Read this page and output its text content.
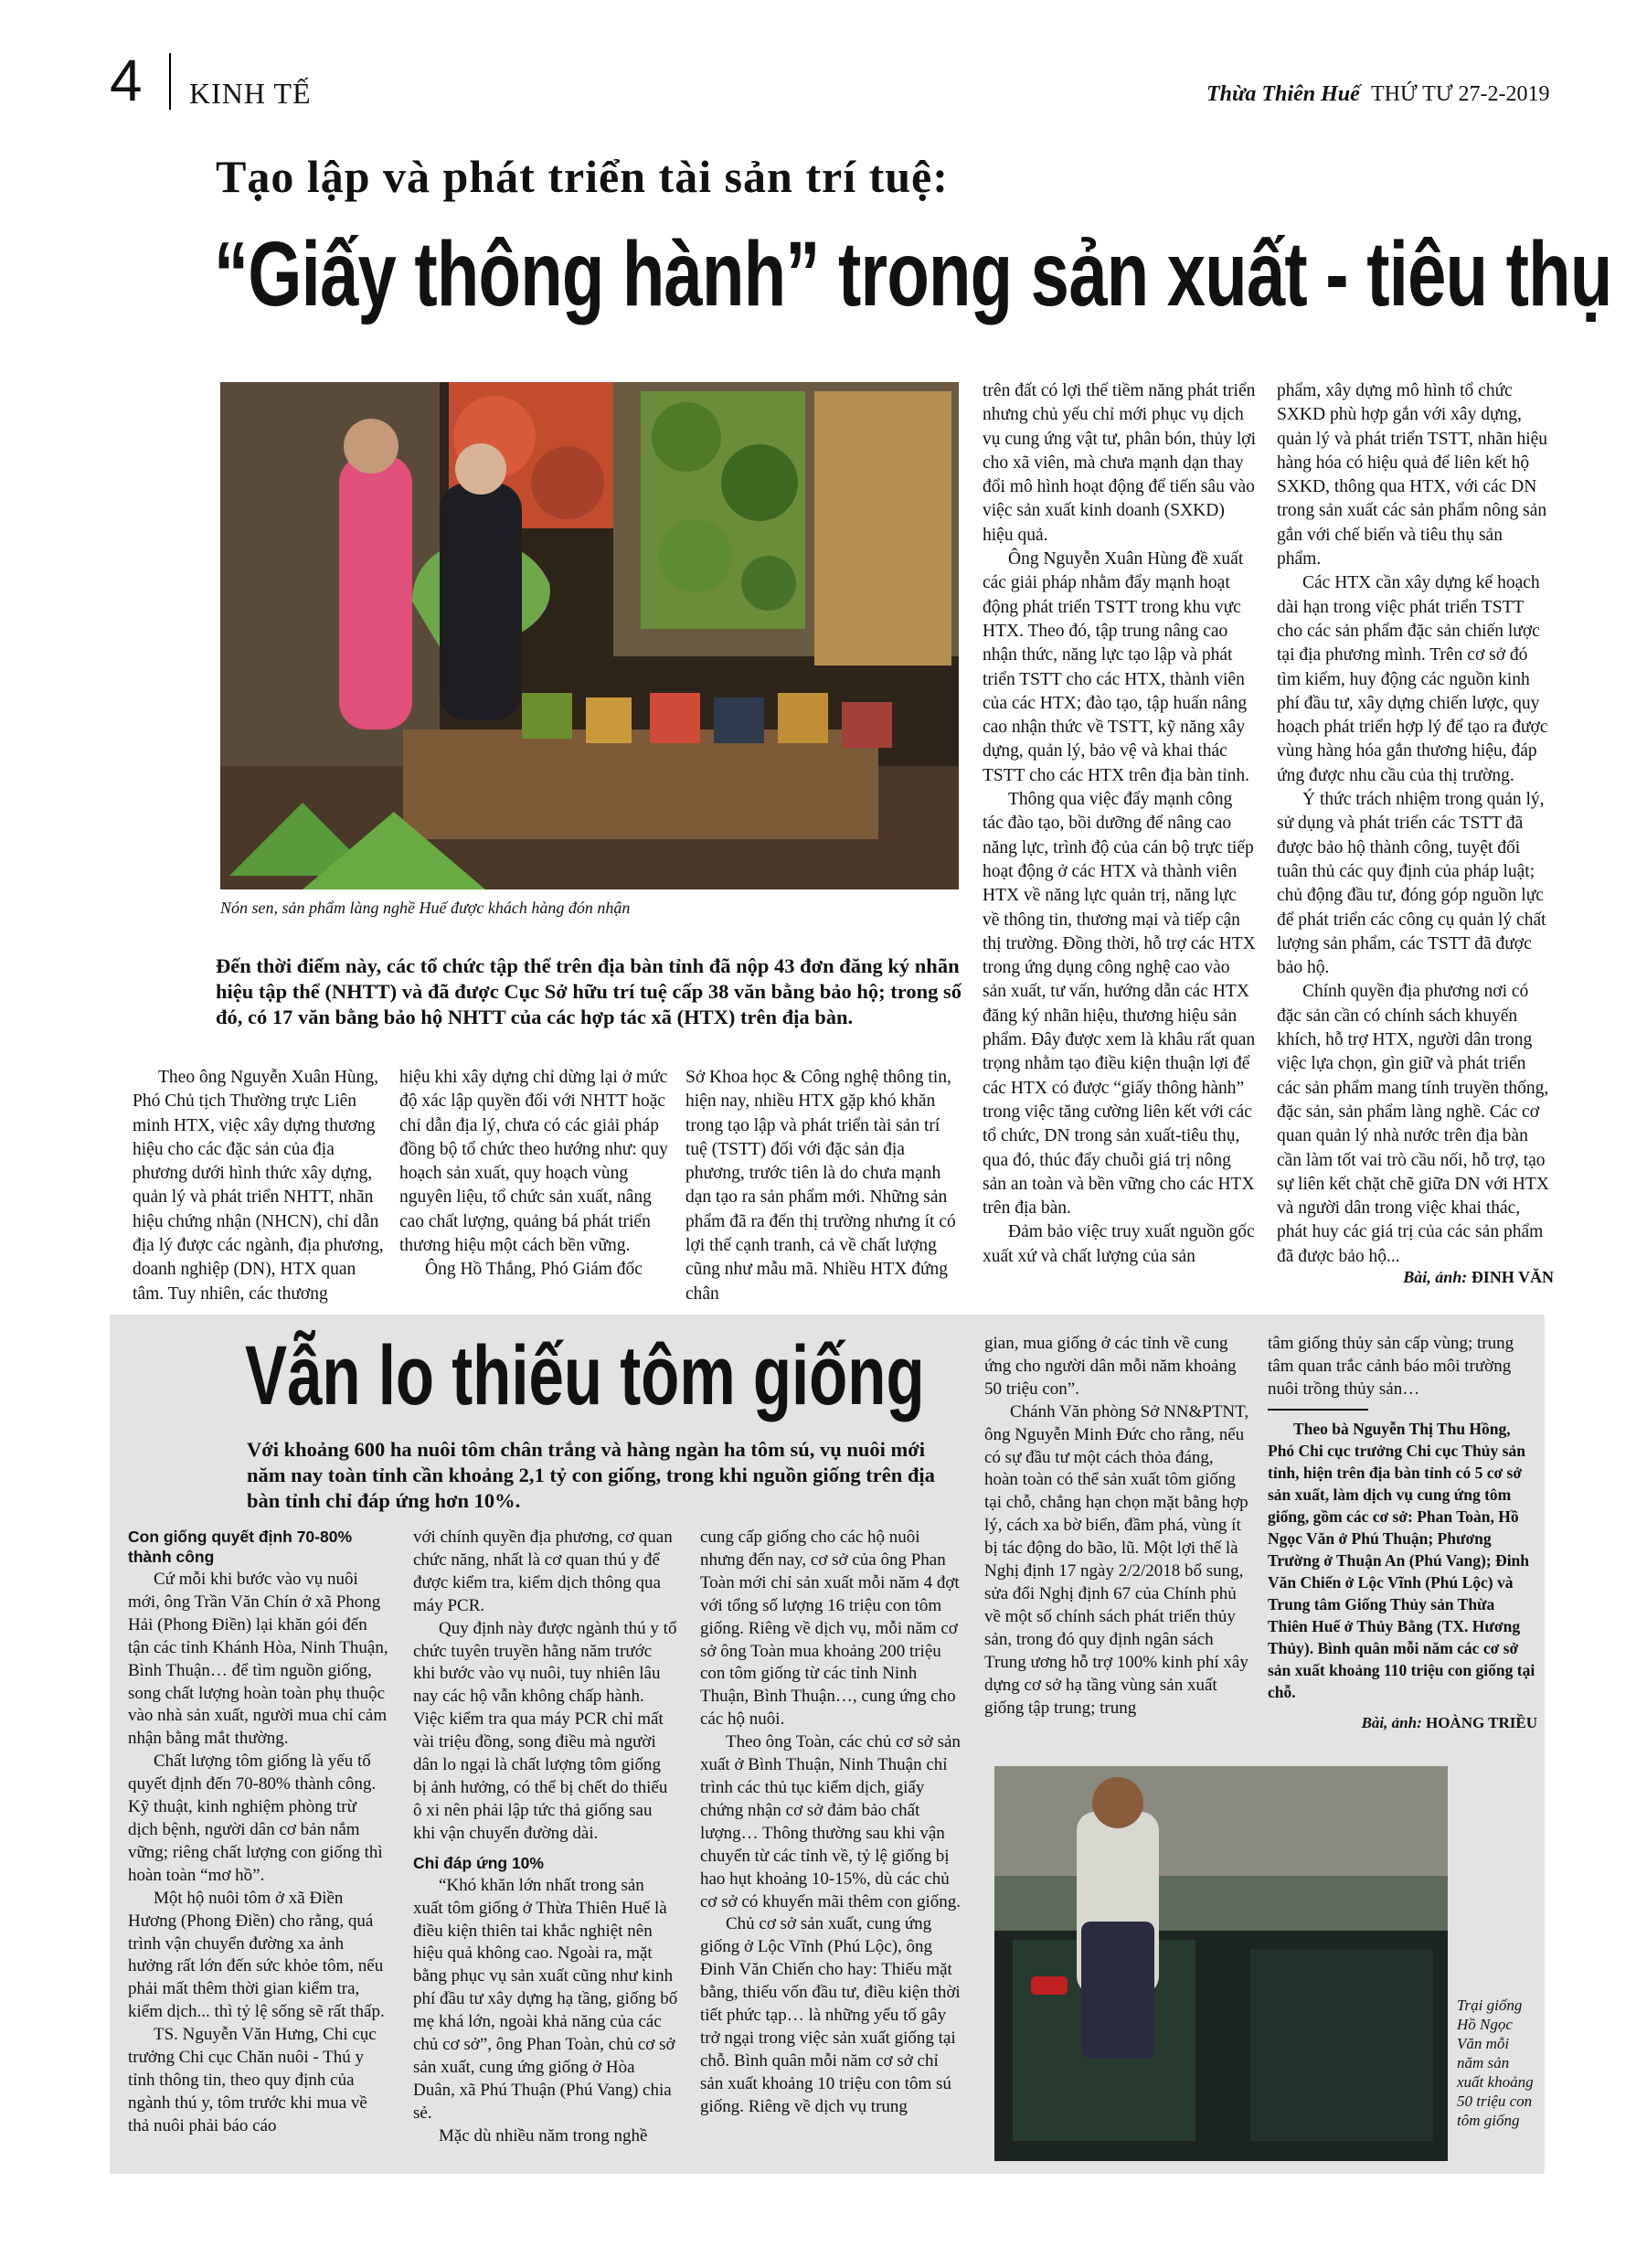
4 KINH TẾ	Thừa Thiên Huế THỨ TƯ 27-2-2019
Tạo lập và phát triển tài sản trí tuệ:
“Giấy thông hành” trong sản xuất - tiêu thụ
Nón sen, sản phẩm làng nghề Huế được khách hàng đón nhận
Đến thời điểm này, các tổ chức tập thể trên địa bàn tỉnh đã nộp 43 đơn đăng ký nhãn hiệu tập thể (NHTT) và đã được Cục Sở hữu trí tuệ cấp 38 văn bằng bảo hộ; trong số đó, có 17 văn bằng bảo hộ NHTT của các hợp tác xã (HTX) trên địa bàn.

Theo ông Nguyễn Xuân Hùng, Phó Chủ tịch Thường trực Liên minh HTX, việc xây dựng thương hiệu cho các đặc sản của địa phương dưới hình thức xây dựng, quản lý và phát triển NHTT, nhãn hiệu chứng nhận (NHCN), chỉ dẫn địa lý được các ngành, địa phương, doanh nghiệp (DN), HTX quan tâm. Tuy nhiên, các thương

hiệu khi xây dựng chỉ dừng lại ở mức độ xác lập quyền đối với NHTT hoặc chỉ dẫn địa lý, chưa có các giải pháp đồng bộ tổ chức theo hướng như: quy hoạch sản xuất, quy hoạch vùng nguyên liệu, tổ chức sản xuất, nâng cao chất lượng, quảng bá phát triển thương hiệu một cách bền vững.

Ông Hồ Thắng, Phó Giám đốc

Sở Khoa học & Công nghệ thông tin, hiện nay, nhiều HTX gặp khó khăn trong tạo lập và phát triển tài sản trí tuệ (TSTT) đối với đặc sản địa phương, trước tiên là do chưa mạnh dạn tạo ra sản phẩm mới. Những sản phẩm đã ra đến thị trường nhưng ít có lợi thế cạnh tranh, cả về chất lượng cũng như mẫu mã. Nhiều HTX đứng chân

trên đất có lợi thế tiềm năng phát triển nhưng chủ yếu chỉ mới phục vụ dịch vụ cung ứng vật tư, phân bón, thủy lợi cho xã viên, mà chưa mạnh dạn thay đổi mô hình hoạt động để tiến sâu vào việc sản xuất kinh doanh (SXKD) hiệu quả.

Ông Nguyễn Xuân Hùng đề xuất các giải pháp nhằm đẩy mạnh hoạt động phát triển TSTT trong khu vực HTX. Theo đó, tập trung nâng cao nhận thức, năng lực tạo lập và phát triển TSTT cho các HTX, thành viên của các HTX; đào tạo, tập huấn nâng cao nhận thức về TSTT, kỹ năng xây dựng, quản lý, bảo vệ và khai thác TSTT cho các HTX trên địa bàn tỉnh.

Thông qua việc đẩy mạnh công tác đào tạo, bồi dưỡng để nâng cao năng lực, trình độ của cán bộ trực tiếp hoạt động ở các HTX và thành viên HTX về năng lực quản trị, năng lực về thông tin, thương mại và tiếp cận thị trường. Đồng thời, hỗ trợ các HTX trong ứng dụng công nghệ cao vào sản xuất, tư vấn, hướng dẫn các HTX đăng ký nhãn hiệu, thương hiệu sản phẩm. Đây được xem là khâu rất quan trọng nhằm tạo điều kiện thuận lợi để các HTX có được “giấy thông hành” trong việc tăng cường liên kết với các tổ chức, DN trong sản xuất-tiêu thụ, qua đó, thúc đẩy chuỗi giá trị nông sản an toàn và bền vững cho các HTX trên địa bàn.

Đảm bảo việc truy xuất nguồn gốc xuất xứ và chất lượng của sản

phẩm, xây dựng mô hình tổ chức SXKD phù hợp gắn với xây dựng, quản lý và phát triển TSTT, nhãn hiệu hàng hóa có hiệu quả để liên kết hộ SXKD, thông qua HTX, với các DN trong sản xuất các sản phẩm nông sản gắn với chế biến và tiêu thụ sản phẩm.

Các HTX cần xây dựng kế hoạch dài hạn trong việc phát triển TSTT cho các sản phẩm đặc sản chiến lược tại địa phương mình. Trên cơ sở đó tìm kiếm, huy động các nguồn kinh phí đầu tư, xây dựng chiến lược, quy hoạch phát triển hợp lý để tạo ra được vùng hàng hóa gắn thương hiệu, đáp ứng được nhu cầu của thị trường.

Ý thức trách nhiệm trong quản lý, sử dụng và phát triển các TSTT đã được bảo hộ thành công, tuyệt đối tuân thủ các quy định của pháp luật; chủ động đầu tư, đóng góp nguồn lực để phát triển các công cụ quản lý chất lượng sản phẩm, các TSTT đã được bảo hộ.

Chính quyền địa phương nơi có đặc sản cần có chính sách khuyến khích, hỗ trợ HTX, người dân trong việc lựa chọn, gìn giữ và phát triển các sản phẩm mang tính truyền thống, đặc sản, sản phẩm làng nghề. Các cơ quan quản lý nhà nước trên địa bàn cần làm tốt vai trò cầu nối, hỗ trợ, tạo sự liên kết chặt chẽ giữa DN với HTX và người dân trong việc khai thác, phát huy các giá trị của các sản phẩm đã được bảo hộ...

Bài, ảnh: ĐINH VĂN
Vẫn lo thiếu tôm giống
Với khoảng 600 ha nuôi tôm chân trắng và hàng ngàn ha tôm sú, vụ nuôi mới năm nay toàn tỉnh cần khoảng 2,1 tỷ con giống, trong khi nguồn giống trên địa bàn tỉnh chỉ đáp ứng hơn 10%.
Con giống quyết định 70-80% thành công

Cứ mỗi khi bước vào vụ nuôi mới, ông Trần Văn Chín ở xã Phong Hải (Phong Điền) lại khăn gói đến tận các tỉnh Khánh Hòa, Ninh Thuận, Bình Thuận… để tìm nguồn giống, song chất lượng hoàn toàn phụ thuộc vào nhà sản xuất, người mua chỉ cảm nhận bằng mắt thường.

Chất lượng tôm giống là yếu tố quyết định đến 70-80% thành công. Kỹ thuật, kinh nghiệm phòng trừ dịch bệnh, người dân cơ bản nắm vững; riêng chất lượng con giống thì hoàn toàn “mơ hồ”.

Một hộ nuôi tôm ở xã Điền Hương (Phong Điền) cho rằng, quá trình vận chuyển đường xa ảnh hưởng rất lớn đến sức khỏe tôm, nếu phải mất thêm thời gian kiểm tra, kiểm dịch... thì tỷ lệ sống sẽ rất thấp.

TS. Nguyễn Văn Hưng, Chi cục trưởng Chi cục Chăn nuôi - Thú y tỉnh thông tin, theo quy định của ngành thú y, tôm trước khi mua về thả nuôi phải báo cáo

với chính quyền địa phương, cơ quan chức năng, nhất là cơ quan thú y để được kiểm tra, kiểm dịch thông qua máy PCR.

Quy định này được ngành thú y tổ chức tuyên truyền hằng năm trước khi bước vào vụ nuôi, tuy nhiên lâu nay các hộ vẫn không chấp hành. Việc kiểm tra qua máy PCR chỉ mất vài triệu đồng, song điều mà người dân lo ngại là chất lượng tôm giống bị ảnh hưởng, có thể bị chết do thiếu ô xi nên phải lập tức thả giống sau khi vận chuyển đường dài.

Chỉ đáp ứng 10%

“Khó khăn lớn nhất trong sản xuất tôm giống ở Thừa Thiên Huế là điều kiện thiên tai khắc nghiệt nên hiệu quả không cao. Ngoài ra, mặt bằng phục vụ sản xuất cũng như kinh phí đầu tư xây dựng hạ tầng, giống bố mẹ khá lớn, ngoài khả năng của các chủ cơ sở”, ông Phan Toàn, chủ cơ sở sản xuất, cung ứng giống ở Hòa Duân, xã Phú Thuận (Phú Vang) chia sẻ.

Mặc dù nhiều năm trong nghề

cung cấp giống cho các hộ nuôi nhưng đến nay, cơ sở của ông Phan Toàn mới chỉ sản xuất mỗi năm 4 đợt với tổng số lượng 16 triệu con tôm giống. Riêng về dịch vụ, mỗi năm cơ sở ông Toàn mua khoảng 200 triệu con tôm giống từ các tỉnh Ninh Thuận, Bình Thuận…, cung ứng cho các hộ nuôi.

Theo ông Toàn, các chủ cơ sở sản xuất ở Bình Thuận, Ninh Thuận chỉ trình các thủ tục kiểm dịch, giấy chứng nhận cơ sở đảm bảo chất lượng… Thông thường sau khi vận chuyển từ các tỉnh về, tỷ lệ giống bị hao hụt khoảng 10-15%, dù các chủ cơ sở có khuyến mãi thêm con giống.

Chủ cơ sở sản xuất, cung ứng giống ở Lộc Vĩnh (Phú Lộc), ông Đinh Văn Chiến cho hay: Thiếu mặt bằng, thiếu vốn đầu tư, điều kiện thời tiết phức tạp… là những yếu tố gây trở ngại trong việc sản xuất giống tại chỗ. Bình quân mỗi năm cơ sở chỉ sản xuất khoảng 10 triệu con tôm sú giống. Riêng về dịch vụ trung

gian, mua giống ở các tỉnh về cung ứng cho người dân mỗi năm khoảng 50 triệu con”.

Chánh Văn phòng Sở NN&PTNT, ông Nguyễn Minh Đức cho rằng, nếu có sự đầu tư một cách thỏa đáng, hoàn toàn có thể sản xuất tôm giống tại chỗ, chẳng hạn chọn mặt bằng hợp lý, cách xa bờ biển, đầm phá, vùng ít bị tác động do bão, lũ. Một lợi thế là Nghị định 17 ngày 2/2/2018 bổ sung, sửa đổi Nghị định 67 của Chính phủ về một số chính sách phát triển thủy sản, trong đó quy định ngân sách Trung ương hỗ trợ 100% kinh phí xây dựng cơ sở hạ tầng vùng sản xuất giống tập trung; trung

tâm giống thủy sản cấp vùng; trung tâm quan trắc cảnh báo môi trường nuôi trồng thủy sản…

Theo bà Nguyễn Thị Thu Hồng, Phó Chi cục trưởng Chi cục Thủy sản tỉnh, hiện trên địa bàn tỉnh có 5 cơ sở sản xuất, làm dịch vụ cung ứng tôm giống, gồm các cơ sở: Phan Toàn, Hồ Ngọc Văn ở Phú Thuận; Phương Trường ở Thuận An (Phú Vang); Đinh Văn Chiến ở Lộc Vĩnh (Phú Lộc) và Trung tâm Giống Thủy sản Thừa Thiên Huế ở Thủy Bằng (TX. Hương Thủy). Bình quân mỗi năm các cơ sở sản xuất khoảng 110 triệu con giống tại chỗ.

Bài, ảnh: HOÀNG TRIỀU
Trại giống Hồ Ngọc Văn mỗi năm sản xuất khoảng 50 triệu con tôm giống
